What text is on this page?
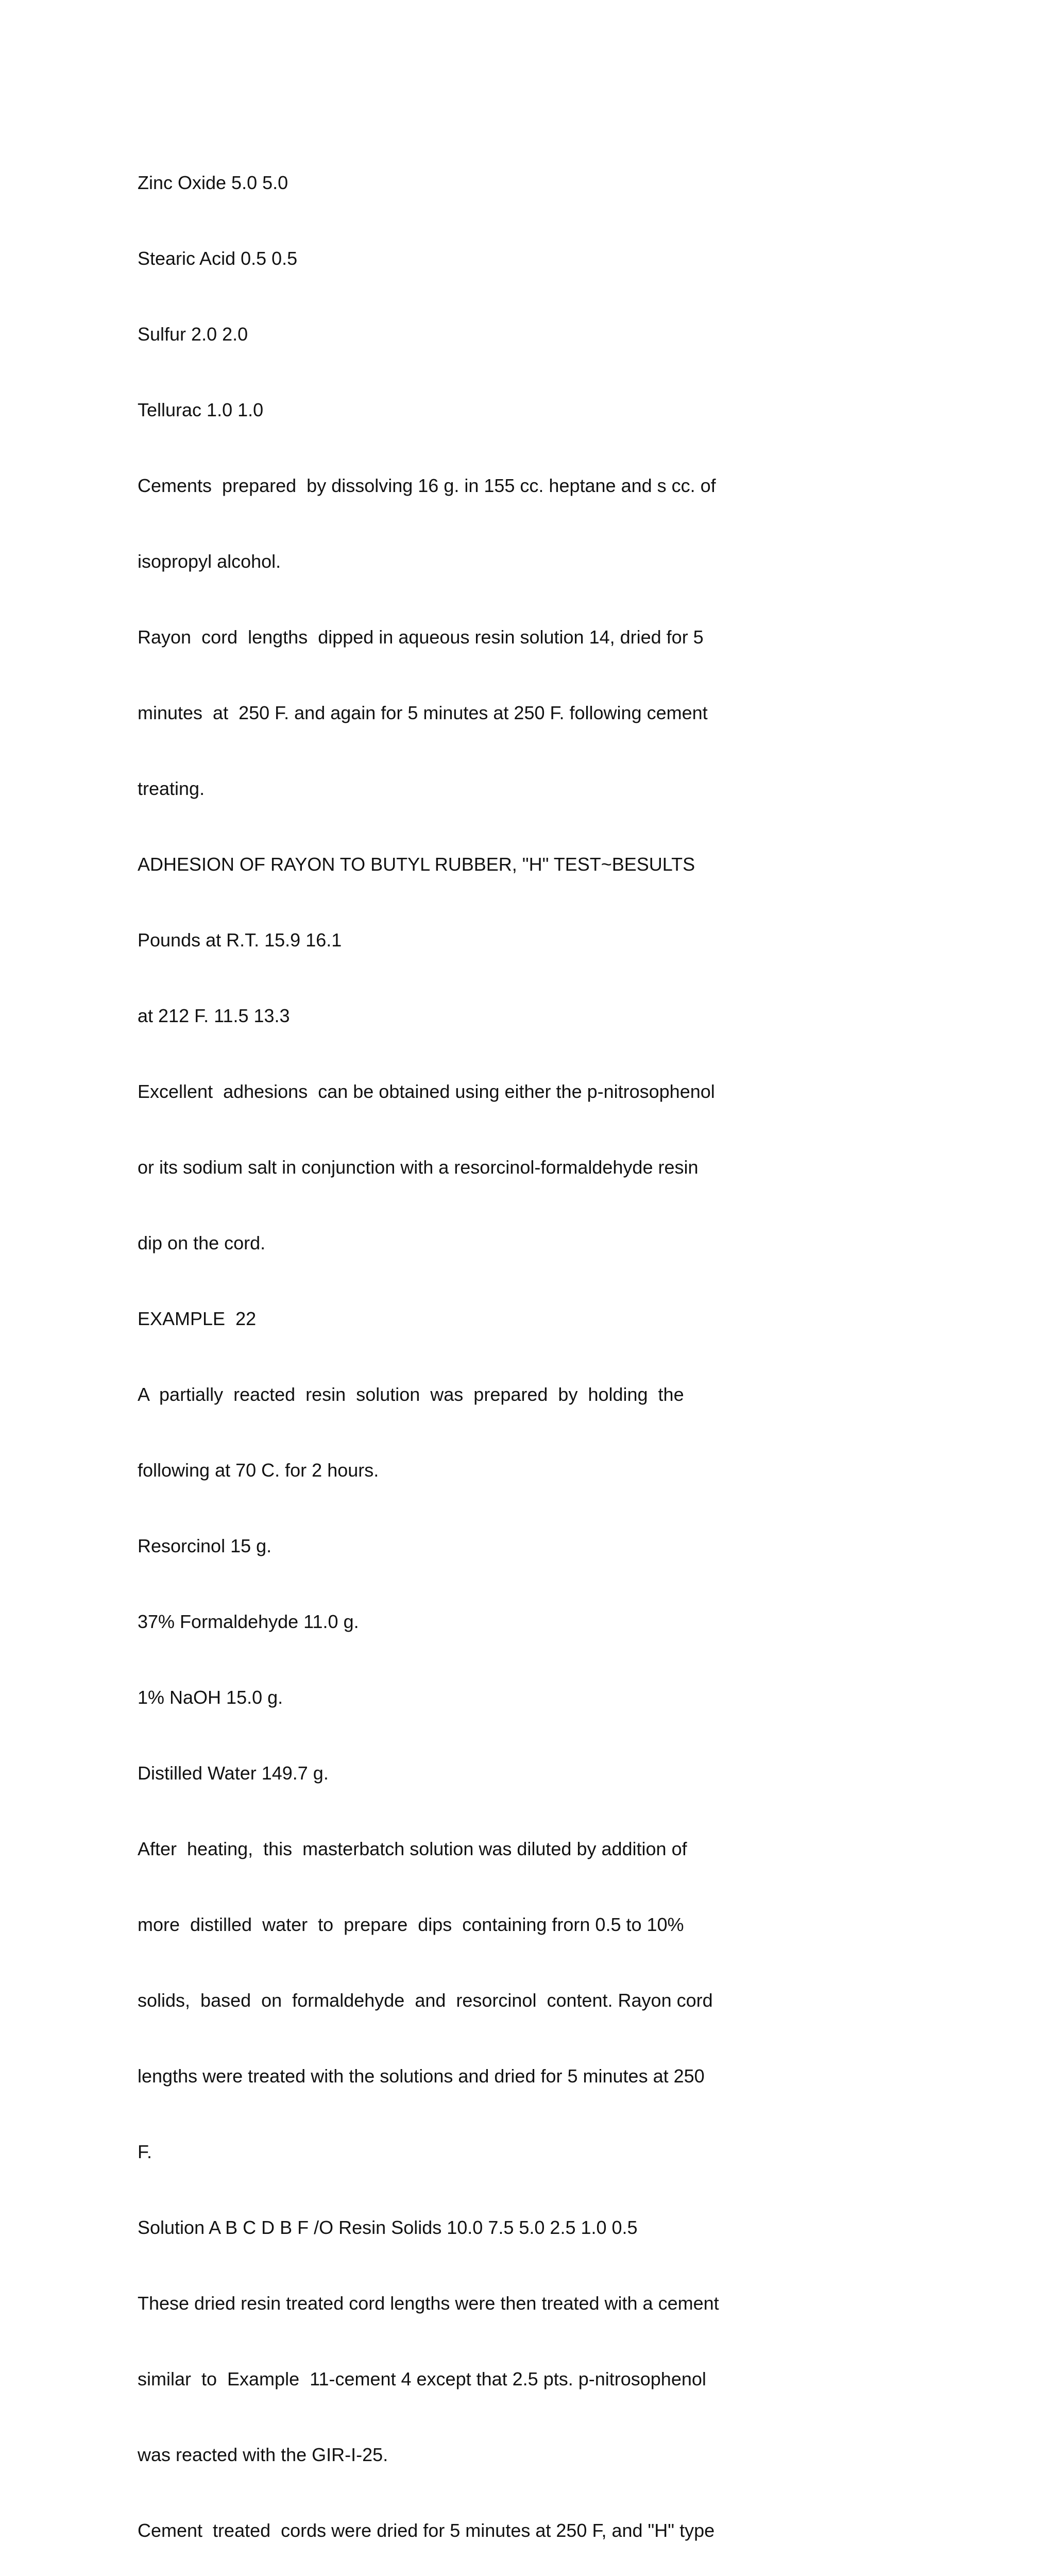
Zinc Oxide 5.0 5.0

Stearic Acid 0.5 0.5

Sulfur 2.0 2.0

Tellurac 1.0 1.0

Cements  prepared  by dissolving 16 g. in 155 cc. heptane and s cc. of

isopropyl alcohol.

Rayon  cord  lengths  dipped in aqueous resin solution 14, dried for 5

minutes  at  250 F. and again for 5 minutes at 250 F. following cement

treating.

ADHESION OF RAYON TO BUTYL RUBBER, "H" TEST~BESULTS

Pounds at R.T. 15.9 16.1

at 212 F. 11.5 13.3

Excellent  adhesions  can be obtained using either the p-nitrosophenol

or its sodium salt in conjunction with a resorcinol-formaldehyde resin

dip on the cord.

EXAMPLE  22

A  partially  reacted  resin  solution  was  prepared  by  holding  the

following at 70 C. for 2 hours.

Resorcinol 15 g.

37% Formaldehyde 11.0 g.

1% NaOH 15.0 g.

Distilled Water 149.7 g.

After  heating,  this  masterbatch solution was diluted by addition of

more  distilled  water  to  prepare  dips  containing frorn 0.5 to 10%

solids,  based  on  formaldehyde  and  resorcinol  content. Rayon cord

lengths were treated with the solutions and dried for 5 minutes at 250

F.

Solution A B C D B F /O Resin Solids 10.0 7.5 5.0 2.5 1.0 0.5

These dried resin treated cord lengths were then treated with a cement

similar  to  Example  11-cement 4 except that 2.5 pts. p-nitrosophenol

was reacted with the GIR-I-25.

Cement  treated  cords were dried for 5 minutes at 250 F, and "H" type
